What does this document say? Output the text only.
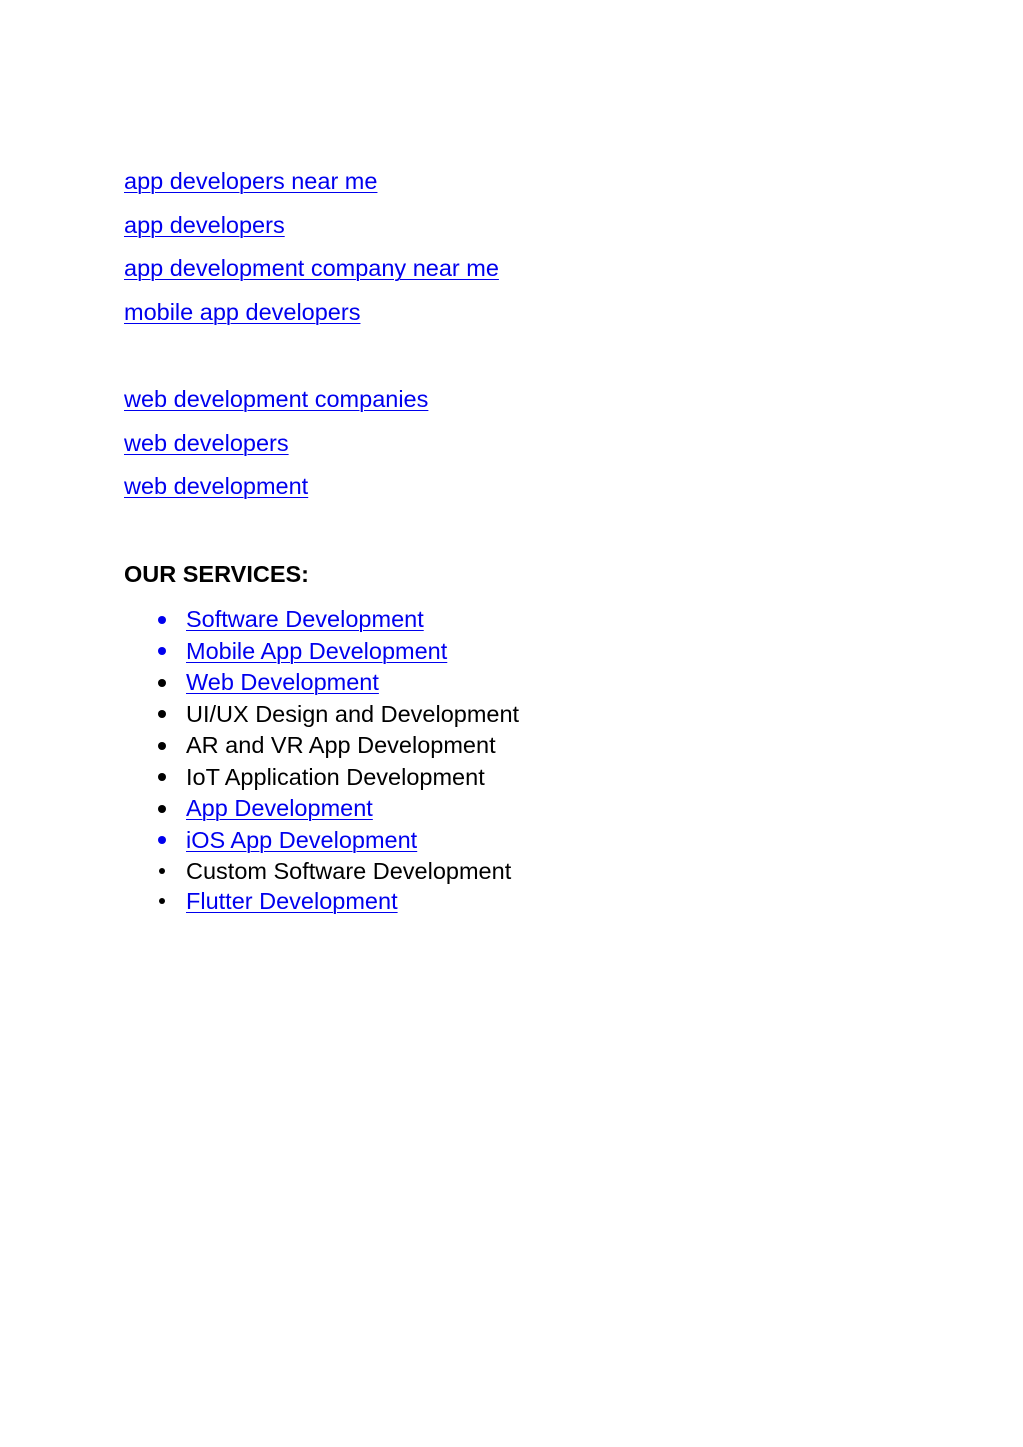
app developers near me
app developers
app development company near me
mobile app developers
web development companies
web developers
web development
OUR SERVICES:
Software Development
Mobile App Development
Web Development
UI/UX Design and Development
AR and VR App Development
IoT Application Development
App Development
iOS App Development
Custom Software Development
Flutter Development
